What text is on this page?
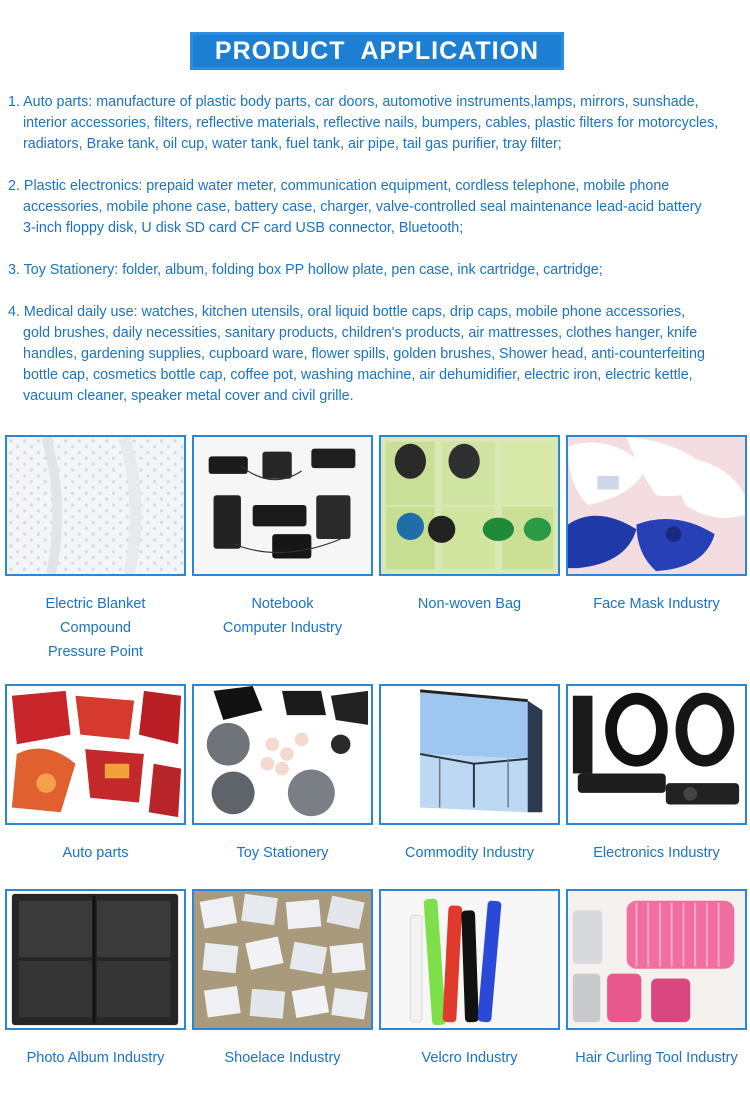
PRODUCT  APPLICATION
1. Auto parts: manufacture of plastic body parts, car doors, automotive instruments,lamps, mirrors, sunshade,
interior accessories, filters, reflective materials, reflective nails, bumpers, cables, plastic filters for motorcycles,
radiators, Brake tank, oil cup, water tank, fuel tank, air pipe, tail gas purifier, tray filter;
2. Plastic electronics: prepaid water meter, communication equipment, cordless telephone, mobile phone
accessories, mobile phone case, battery case, charger, valve-controlled seal maintenance lead-acid battery
3-inch floppy disk, U disk SD card CF card USB connector, Bluetooth;
3. Toy Stationery: folder, album, folding box PP hollow plate, pen case, ink cartridge, cartridge;
4. Medical daily use: watches, kitchen utensils, oral liquid bottle caps, drip caps, mobile phone accessories,
gold brushes, daily necessities, sanitary products, children's products, air mattresses, clothes hanger, knife
handles, gardening supplies, cupboard ware, flower spills, golden brushes, Shower head, anti-counterfeiting
bottle cap, cosmetics bottle cap, coffee pot, washing machine, air dehumidifier, electric iron, electric kettle,
vacuum cleaner, speaker metal cover and civil grille.
Electric Blanket
Compound
Pressure Point
Notebook
Computer Industry
Non-woven Bag	Face Mask Industry
Auto parts	Toy Stationery	Commodity Industry	Electronics Industry
Photo Album Industry	Shoelace Industry	Velcro Industry	Hair Curling Tool Industry
